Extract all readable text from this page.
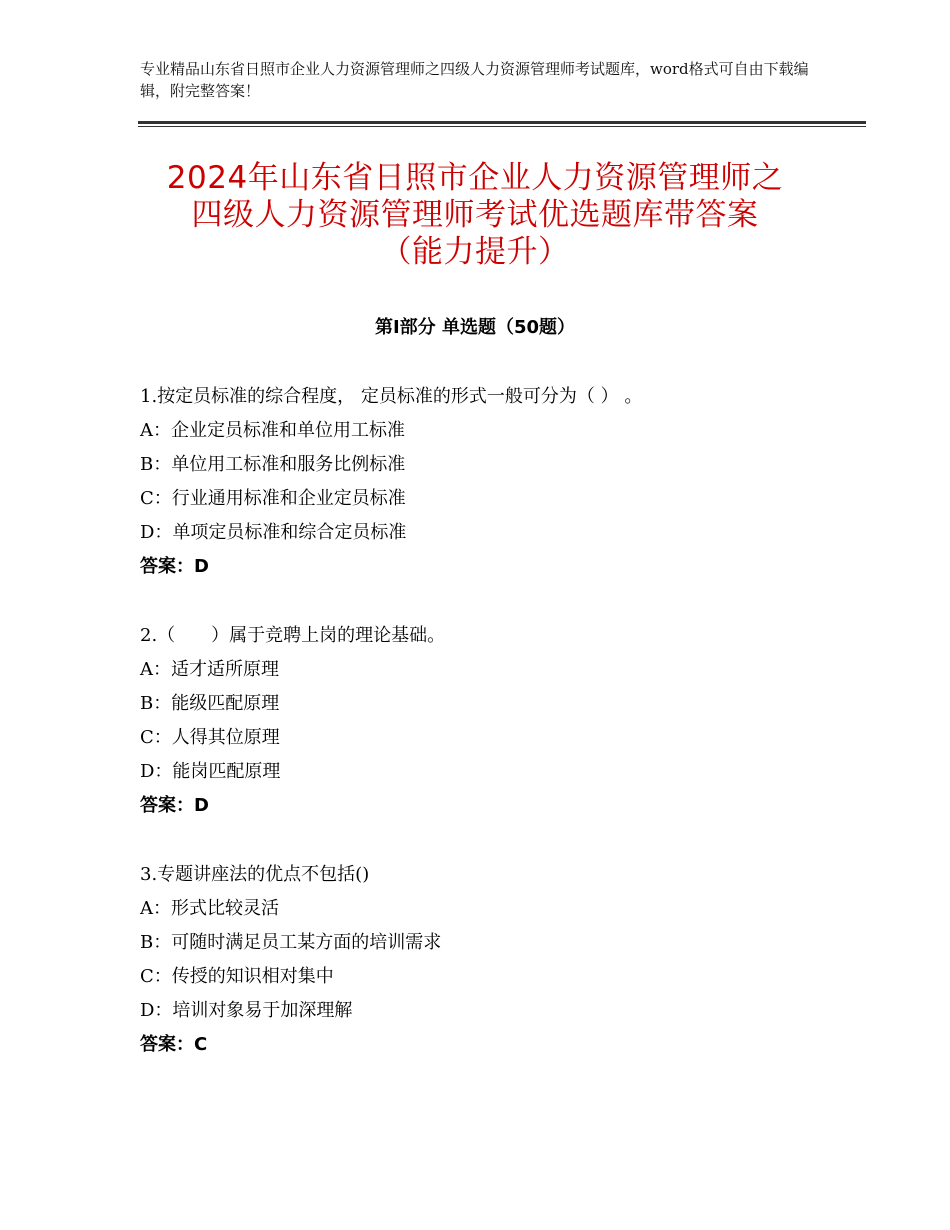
专业精品山东省日照市企业人力资源管理师之四级人力资源管理师考试题库，word格式可自由下载编辑，附完整答案！
2024年山东省日照市企业人力资源管理师之
四级人力资源管理师考试优选题库带答案
（能力提升）
第Ⅰ部分 单选题（50题）
1.按定员标准的综合程度， 定员标准的形式一般可分为（ ） 。
A：企业定员标准和单位用工标准
B：单位用工标准和服务比例标准
C：行业通用标准和企业定员标准
D：单项定员标准和综合定员标准
答案：D
2.（　　）属于竞聘上岗的理论基础。
A：适才适所原理
B：能级匹配原理
C：人得其位原理
D：能岗匹配原理
答案：D
3.专题讲座法的优点不包括()
A：形式比较灵活
B：可随时满足员工某方面的培训需求
C：传授的知识相对集中
D：培训对象易于加深理解
答案：C
